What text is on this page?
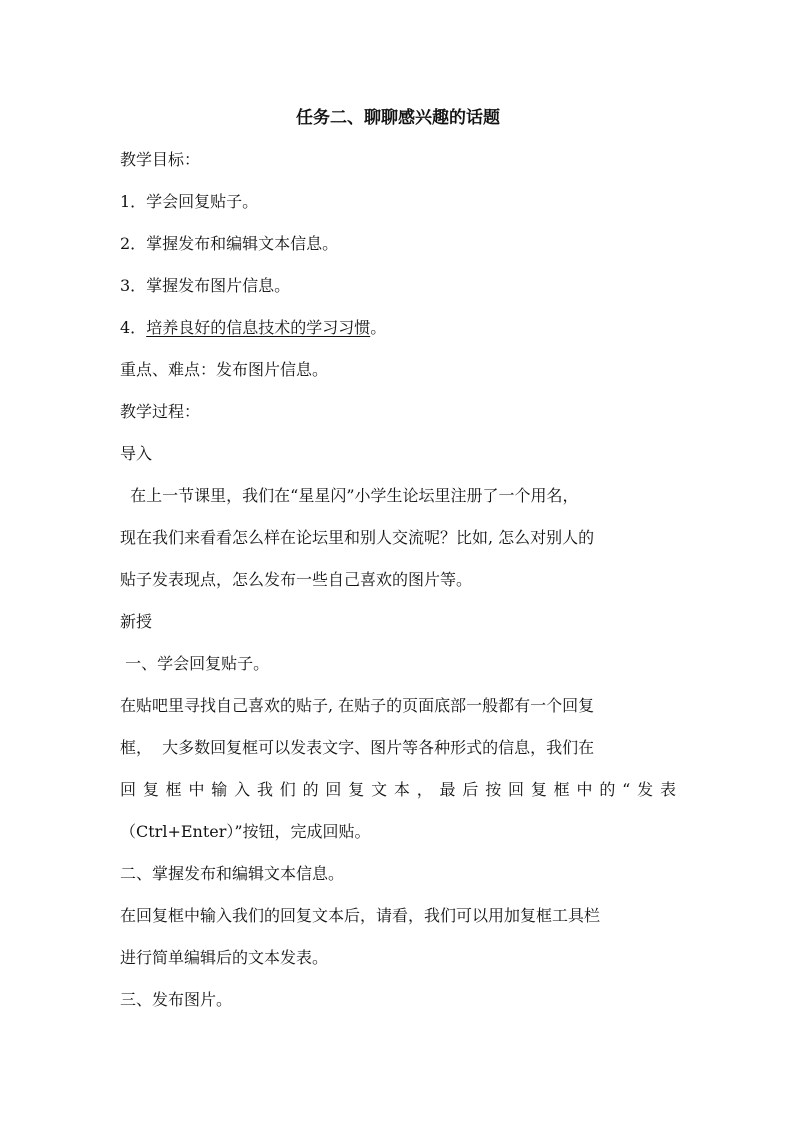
任务二、聊聊感兴趣的话题
教学目标：
1．学会回复贴子。
2．掌握发布和编辑文本信息。
3．掌握发布图片信息。
4．培养良好的信息技术的学习习惯。
重点、难点：发布图片信息。
教学过程：
导入
在上一节课里，我们在“星星闪”小学生论坛里注册了一个用名，
现在我们来看看怎么样在论坛里和别人交流呢？比如, 怎么对别人的
贴子发表现点，怎么发布一些自己喜欢的图片等。
新授
一、学会回复贴子。
在贴吧里寻找自己喜欢的贴子, 在贴子的页面底部一般都有一个回复
框，  大多数回复框可以发表文字、图片等各种形式的信息，我们在
回复框中输入我们的回复文本，最后按回复框中的“发表
（Ctrl+Enter）”按钮，完成回贴。
二、掌握发布和编辑文本信息。
在回复框中输入我们的回复文本后，请看，我们可以用加复框工具栏
进行简单编辑后的文本发表。
三、发布图片。
